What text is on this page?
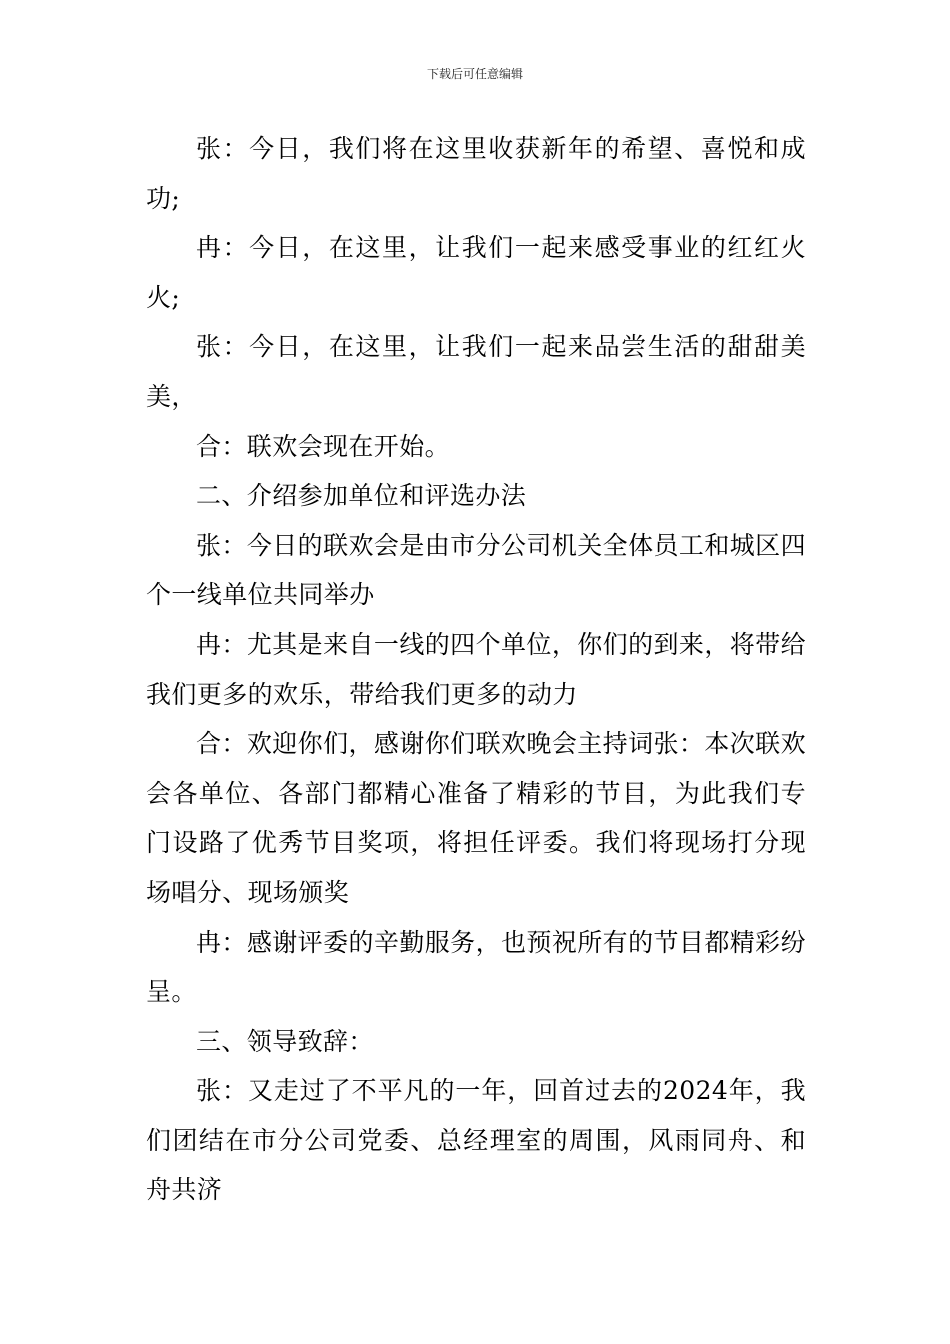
下载后可任意编辑

张：今日，我们将在这里收获新年的希望、喜悦和成功;

冉：今日，在这里，让我们一起来感受事业的红红火火;

张：今日，在这里，让我们一起来品尝生活的甜甜美美，

合：联欢会现在开始。

二、介绍参加单位和评选办法

张：今日的联欢会是由市分公司机关全体员工和城区四个一线单位共同举办

冉：尤其是来自一线的四个单位，你们的到来，将带给我们更多的欢乐，带给我们更多的动力

合：欢迎你们，感谢你们联欢晚会主持词张：本次联欢会各单位、各部门都精心准备了精彩的节目，为此我们专门设路了优秀节目奖项，将担任评委。我们将现场打分现场唱分、现场颁奖

冉：感谢评委的辛勤服务，也预祝所有的节目都精彩纷呈。

三、领导致辞：

张：又走过了不平凡的一年，回首过去的2024年，我们团结在市分公司党委、总经理室的周围，风雨同舟、和舟共济
